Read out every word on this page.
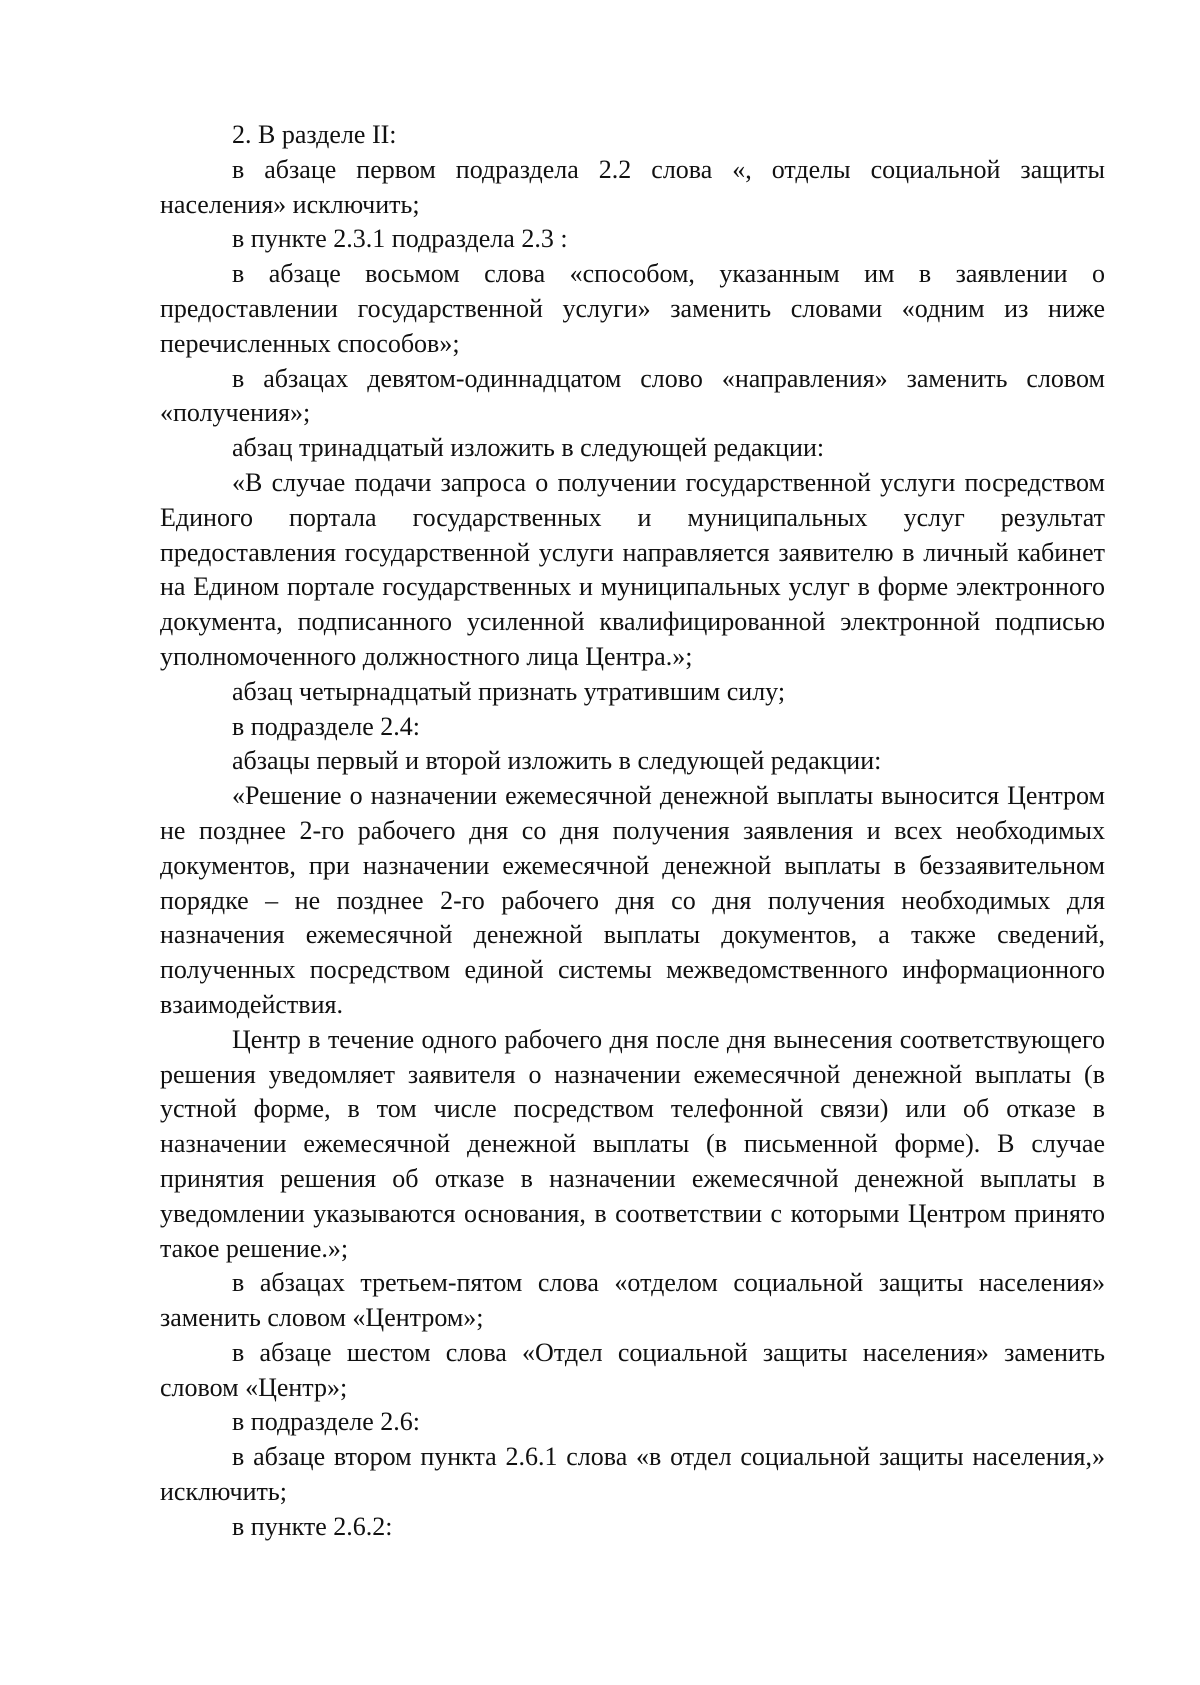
2. В разделе II:

в абзаце первом подраздела 2.2 слова «, отделы социальной защиты населения» исключить;

в пункте 2.3.1 подраздела 2.3 :

в абзаце восьмом слова «способом, указанным им в заявлении о предоставлении государственной услуги» заменить словами «одним из ниже перечисленных способов»;

в абзацах девятом-одиннадцатом слово «направления» заменить словом «получения»;

абзац тринадцатый изложить в следующей редакции:

«В случае подачи запроса о получении государственной услуги посредством Единого портала государственных и муниципальных услуг результат предоставления государственной услуги направляется заявителю в личный кабинет на Едином портале государственных и муниципальных услуг в форме электронного документа, подписанного усиленной квалифицированной электронной подписью уполномоченного должностного лица Центра.»;

абзац четырнадцатый признать утратившим силу;

в подразделе 2.4:

абзацы первый и второй изложить в следующей редакции:

«Решение о назначении ежемесячной денежной выплаты выносится Центром не позднее 2-го рабочего дня со дня получения заявления и всех необходимых документов, при назначении ежемесячной денежной выплаты в беззаявительном порядке – не позднее 2-го рабочего дня со дня получения необходимых для назначения ежемесячной денежной выплаты документов, а также сведений, полученных посредством единой системы межведомственного информационного взаимодействия.

Центр в течение одного рабочего дня после дня вынесения соответствующего решения уведомляет заявителя о назначении ежемесячной денежной выплаты (в устной форме, в том числе посредством телефонной связи) или об отказе в назначении ежемесячной денежной выплаты (в письменной форме). В случае принятия решения об отказе в назначении ежемесячной денежной выплаты в уведомлении указываются основания, в соответствии с которыми Центром принято такое решение.»;

в абзацах третьем-пятом слова «отделом социальной защиты населения» заменить словом «Центром»;

в абзаце шестом слова «Отдел социальной защиты населения» заменить словом «Центр»;

в подразделе 2.6:

в абзаце втором пункта 2.6.1 слова «в отдел социальной защиты населения,» исключить;

в пункте 2.6.2:
